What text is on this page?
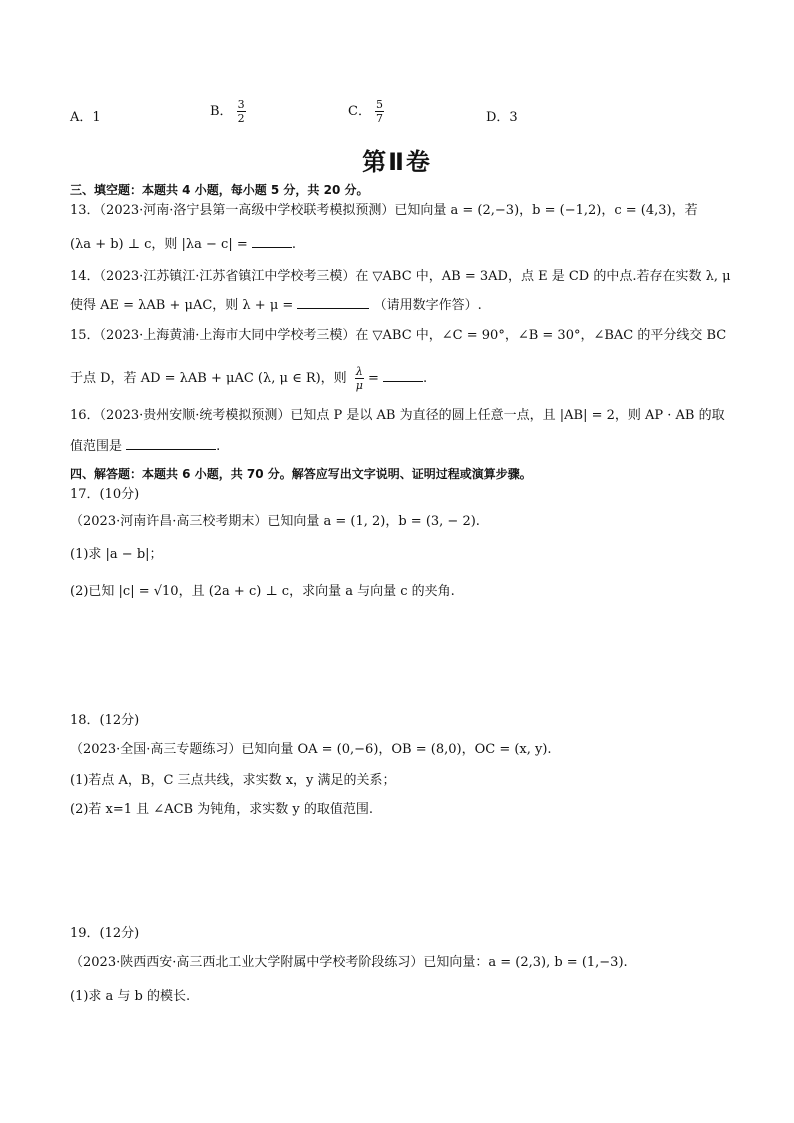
A．1	B． $\frac{3}{2}$	C． $\frac{5}{7}$	D．3
第Ⅱ卷
三、填空题：本题共 4 小题，每小题 5 分，共 20 分。
13．（2023·河南·洛宁县第一高级中学校联考模拟预测）已知向量 a = (2,−3)，b = (−1,2)，c = (4,3)，若
(λa + b) ⊥ c，则 |λa − c| =	.
14．（2023·江苏镇江·江苏省镇江中学校考三模）在 ▽ABC 中，AB = 3AD，点 E 是 CD 的中点.若存在实数 λ, μ
使得 AE = λAB + μAC，则 λ + μ =	（请用数字作答）.
15．（2023·上海黄浦·上海市大同中学校考三模）在 ▽ABC 中，∠C = 90°，∠B = 30°，∠BAC 的平分线交 BC
于点 D，若 AD = λAB + μAC (λ, μ ∈ R)，则 $\frac{\lambda}{\mu}$ =	.
16．（2023·贵州安顺·统考模拟预测）已知点 P 是以 AB 为直径的圆上任意一点，且 |AB| = 2，则 AP · AB 的取
值范围是	.
四、解答题：本题共 6 小题，共 70 分。解答应写出文字说明、证明过程或演算步骤。
17．(10分)
（2023·河南许昌·高三校考期末）已知向量 a = (1, 2)，b = (3, − 2).
(1)求 |a − b|；
(2)已知 |c| = √10，且 (2a + c) ⊥ c，求向量 a 与向量 c 的夹角.
18．(12分)
（2023·全国·高三专题练习）已知向量 OA = (0,−6)，OB = (8,0)，OC = (x, y).
(1)若点 A，B，C 三点共线，求实数 x，y 满足的关系；
(2)若 x=1 且 ∠ACB 为钝角，求实数 y 的取值范围.
19．(12分)
（2023·陕西西安·高三西北工业大学附属中学校考阶段练习）已知向量：a = (2,3), b = (1,−3).
(1)求 a 与 b 的模长.
